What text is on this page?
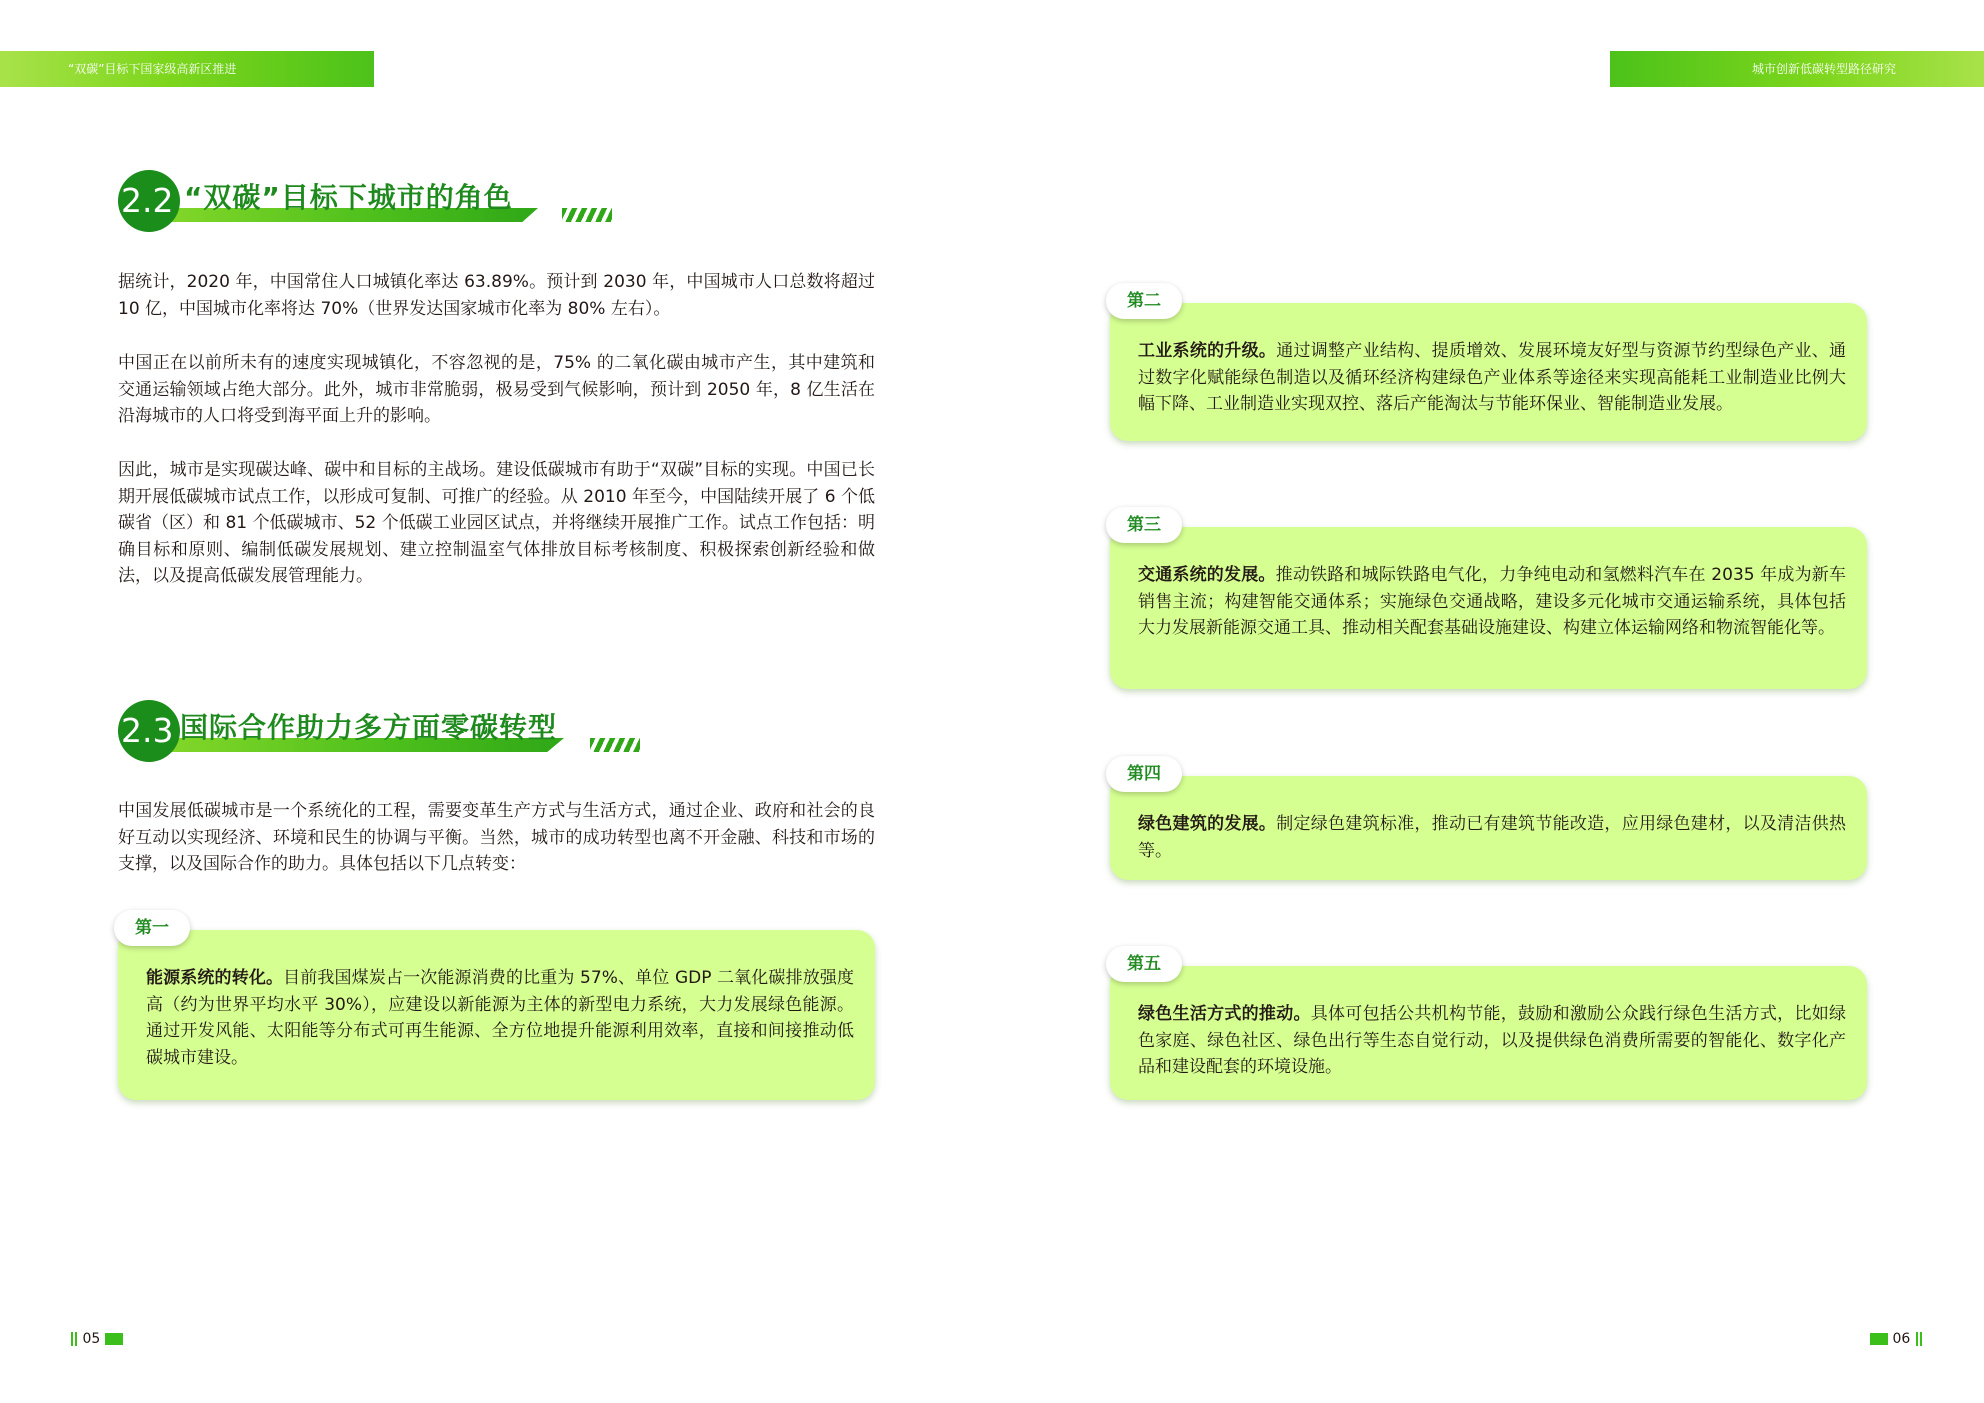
“双碳”目标下国家级高新区推进	城市创新低碳转型路径研究
2.2 “双碳”目标下城市的角色

据统计，2020 年，中国常住人口城镇化率达 63.89%。预计到 2030 年，中国城市人口总数将超过 10 亿，中国城市化率将达 70%（世界发达国家城市化率为 80% 左右）。

中国正在以前所未有的速度实现城镇化，不容忽视的是，75% 的二氧化碳由城市产生，其中建筑和交通运输领域占绝大部分。此外，城市非常脆弱，极易受到气候影响，预计到 2050 年，8 亿生活在沿海城市的人口将受到海平面上升的影响。

因此，城市是实现碳达峰、碳中和目标的主战场。建设低碳城市有助于“双碳”目标的实现。中国已长期开展低碳城市试点工作，以形成可复制、可推广的经验。从 2010 年至今，中国陆续开展了 6 个低碳省（区）和 81 个低碳城市、52 个低碳工业园区试点，并将继续开展推广工作。试点工作包括：明确目标和原则、编制低碳发展规划、建立控制温室气体排放目标考核制度、积极探索创新经验和做法，以及提高低碳发展管理能力。

2.3 国际合作助力多方面零碳转型

中国发展低碳城市是一个系统化的工程，需要变革生产方式与生活方式，通过企业、政府和社会的良好互动以实现经济、环境和民生的协调与平衡。当然，城市的成功转型也离不开金融、科技和市场的支撑，以及国际合作的助力。具体包括以下几点转变：

第一
能源系统的转化。目前我国煤炭占一次能源消费的比重为 57%、单位 GDP 二氧化碳排放强度高（约为世界平均水平 30%），应建设以新能源为主体的新型电力系统，大力发展绿色能源。通过开发风能、太阳能等分布式可再生能源、全方位地提升能源利用效率，直接和间接推动低碳城市建设。
第二
工业系统的升级。通过调整产业结构、提质增效、发展环境友好型与资源节约型绿色产业、通过数字化赋能绿色制造以及循环经济构建绿色产业体系等途径来实现高能耗工业制造业比例大幅下降、工业制造业实现双控、落后产能淘汰与节能环保业、智能制造业发展。
第三
交通系统的发展。推动铁路和城际铁路电气化，力争纯电动和氢燃料汽车在 2035 年成为新车销售主流；构建智能交通体系；实施绿色交通战略，建设多元化城市交通运输系统，具体包括大力发展新能源交通工具、推动相关配套基础设施建设、构建立体运输网络和物流智能化等。
第四
绿色建筑的发展。制定绿色建筑标准，推动已有建筑节能改造，应用绿色建材，以及清洁供热等。
第五
绿色生活方式的推动。具体可包括公共机构节能，鼓励和激励公众践行绿色生活方式，比如绿色家庭、绿色社区、绿色出行等生态自觉行动，以及提供绿色消费所需要的智能化、数字化产品和建设配套的环境设施。
05	06
